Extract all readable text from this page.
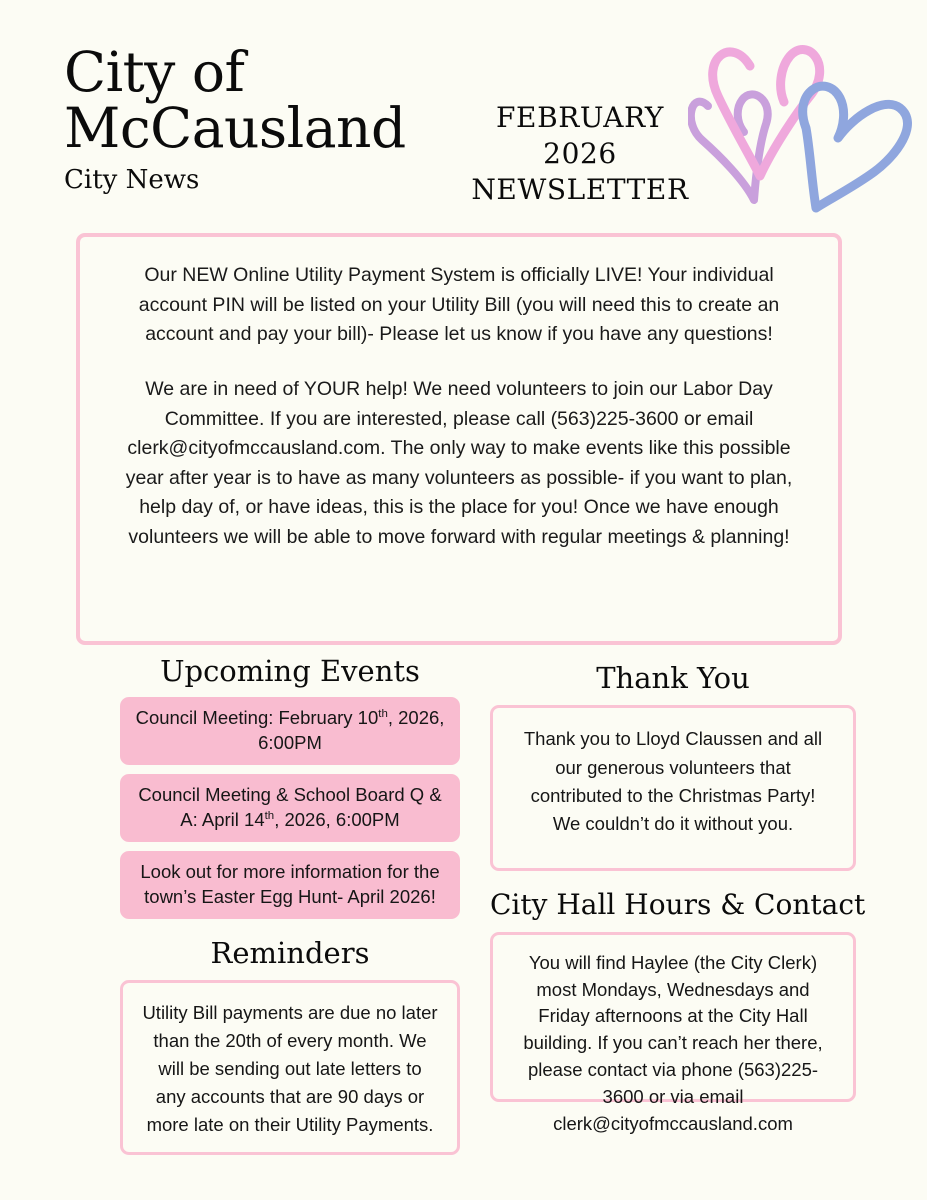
City of
McCausland
City News
FEBRUARY
2026
NEWSLETTER

Our NEW Online Utility Payment System is officially LIVE! Your individual account PIN will be listed on your Utility Bill (you will need this to create an account and pay your bill)- Please let us know if you have any questions!

We are in need of YOUR help! We need volunteers to join our Labor Day Committee. If you are interested, please call (563)225-3600 or email clerk@cityofmccausland.com. The only way to make events like this possible year after year is to have as many volunteers as possible- if you want to plan, help day of, or have ideas, this is the place for you! Once we have enough volunteers we will be able to move forward with regular meetings & planning!

Upcoming Events
Council Meeting: February 10th, 2026, 6:00PM
Council Meeting & School Board Q & A: April 14th, 2026, 6:00PM
Look out for more information for the town’s Easter Egg Hunt- April 2026!
Reminders
Utility Bill payments are due no later than the 20th of every month. We will be sending out late letters to any accounts that are 90 days or more late on their Utility Payments.
Thank You
Thank you to Lloyd Claussen and all our generous volunteers that contributed to the Christmas Party! We couldn’t do it without you.
City Hall Hours & Contact
You will find Haylee (the City Clerk) most Mondays, Wednesdays and Friday afternoons at the City Hall building. If you can’t reach her there, please contact via phone (563)225-3600 or via email clerk@cityofmccausland.com
